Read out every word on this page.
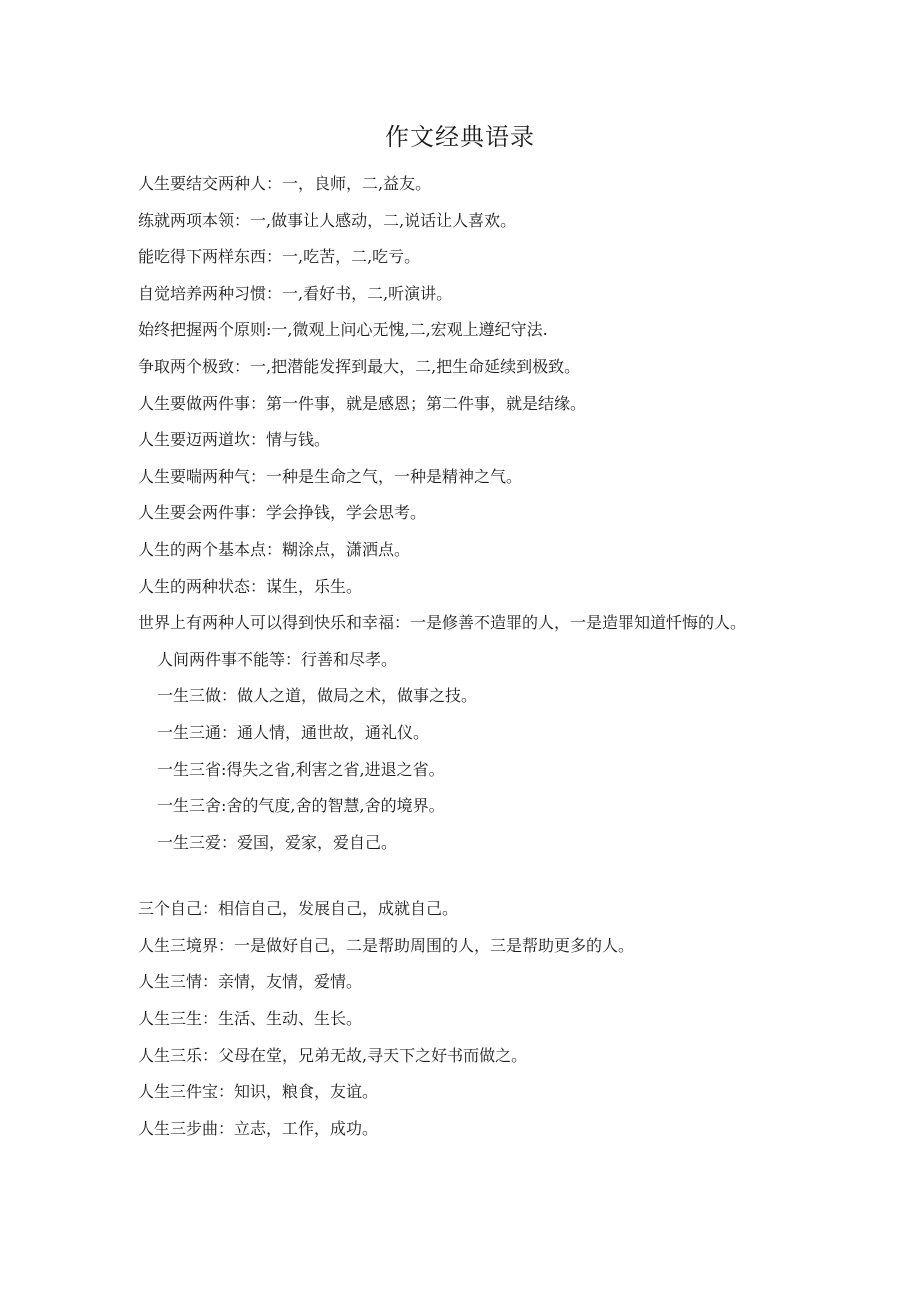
作文经典语录

人生要结交两种人：一，良师，二,益友。

练就两项本领：一,做事让人感动，二,说话让人喜欢。

能吃得下两样东西：一,吃苦，二,吃亏。

自觉培养两种习惯：一,看好书，二,听演讲。

始终把握两个原则:一,微观上问心无愧,二,宏观上遵纪守法.

争取两个极致：一,把潜能发挥到最大，二,把生命延续到极致。

人生要做两件事：第一件事，就是感恩；第二件事，就是结缘。

人生要迈两道坎：情与钱。

人生要喘两种气：一种是生命之气，一种是精神之气。

人生要会两件事：学会挣钱，学会思考。

人生的两个基本点：糊涂点，潇洒点。

人生的两种状态：谋生，乐生。

世界上有两种人可以得到快乐和幸福：一是修善不造罪的人，一是造罪知道忏悔的人。

人间两件事不能等：行善和尽孝。

一生三做：做人之道，做局之术，做事之技。

一生三通：通人情，通世故，通礼仪。

一生三省:得失之省,利害之省,进退之省。

一生三舍:舍的气度,舍的智慧,舍的境界。

一生三爱：爱国，爱家，爱自己。

三个自己：相信自己，发展自己，成就自己。

人生三境界：一是做好自己，二是帮助周围的人，三是帮助更多的人。

人生三情：亲情，友情，爱情。

人生三生：生活、生动、生长。

人生三乐：父母在堂，兄弟无故,寻天下之好书而做之。

人生三件宝：知识，粮食，友谊。

人生三步曲：立志，工作，成功。
